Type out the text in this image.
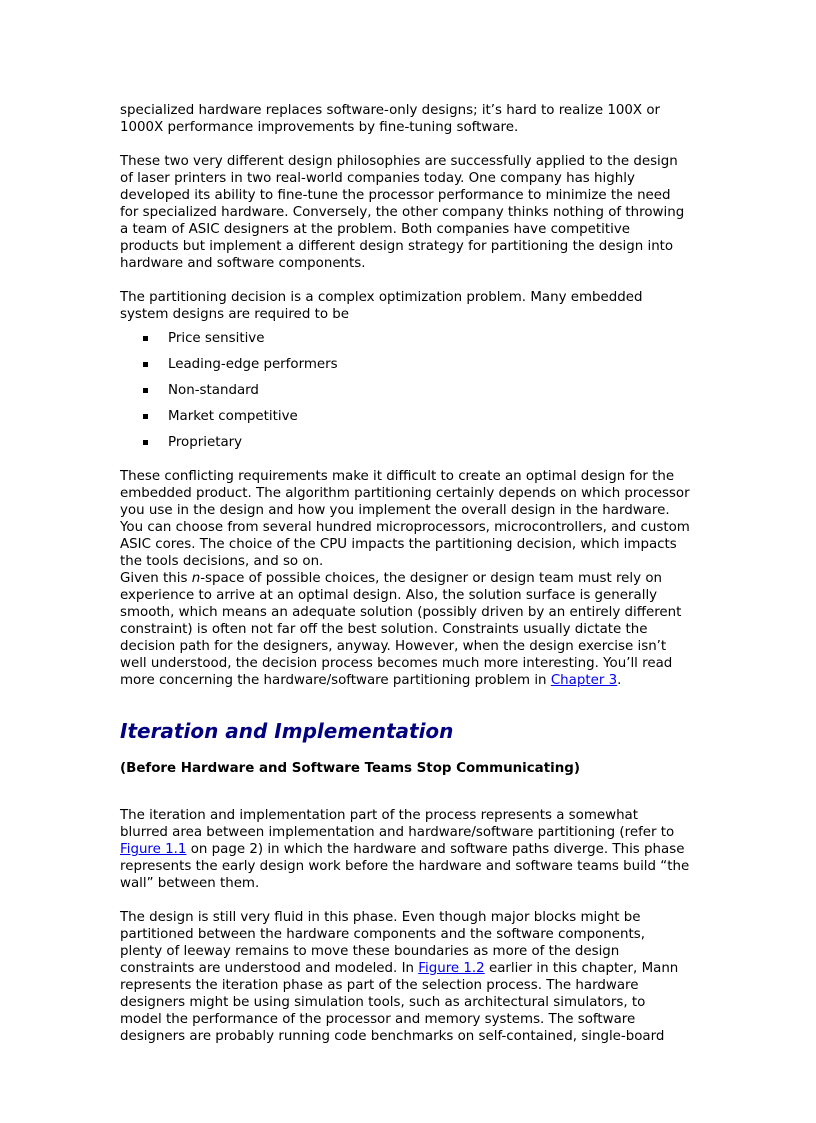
specialized hardware replaces software-only designs; it’s hard to realize 100X or 1000X performance improvements by fine-tuning software.

These two very different design philosophies are successfully applied to the design of laser printers in two real-world companies today. One company has highly developed its ability to fine-tune the processor performance to minimize the need for specialized hardware. Conversely, the other company thinks nothing of throwing a team of ASIC designers at the problem. Both companies have competitive products but implement a different design strategy for partitioning the design into hardware and software components.

The partitioning decision is a complex optimization problem. Many embedded system designs are required to be

Price sensitive
Leading-edge performers
Non-standard
Market competitive
Proprietary

These conflicting requirements make it difficult to create an optimal design for the embedded product. The algorithm partitioning certainly depends on which processor you use in the design and how you implement the overall design in the hardware. You can choose from several hundred microprocessors, microcontrollers, and custom ASIC cores. The choice of the CPU impacts the partitioning decision, which impacts the tools decisions, and so on.

Given this n-space of possible choices, the designer or design team must rely on experience to arrive at an optimal design. Also, the solution surface is generally smooth, which means an adequate solution (possibly driven by an entirely different constraint) is often not far off the best solution. Constraints usually dictate the decision path for the designers, anyway. However, when the design exercise isn’t well understood, the decision process becomes much more interesting. You’ll read more concerning the hardware/software partitioning problem in Chapter 3.

Iteration and Implementation

(Before Hardware and Software Teams Stop Communicating)

The iteration and implementation part of the process represents a somewhat blurred area between implementation and hardware/software partitioning (refer to Figure 1.1 on page 2) in which the hardware and software paths diverge. This phase represents the early design work before the hardware and software teams build “the wall” between them.

The design is still very fluid in this phase. Even though major blocks might be partitioned between the hardware components and the software components, plenty of leeway remains to move these boundaries as more of the design constraints are understood and modeled. In Figure 1.2 earlier in this chapter, Mann represents the iteration phase as part of the selection process. The hardware designers might be using simulation tools, such as architectural simulators, to model the performance of the processor and memory systems. The software designers are probably running code benchmarks on self-contained, single-board
